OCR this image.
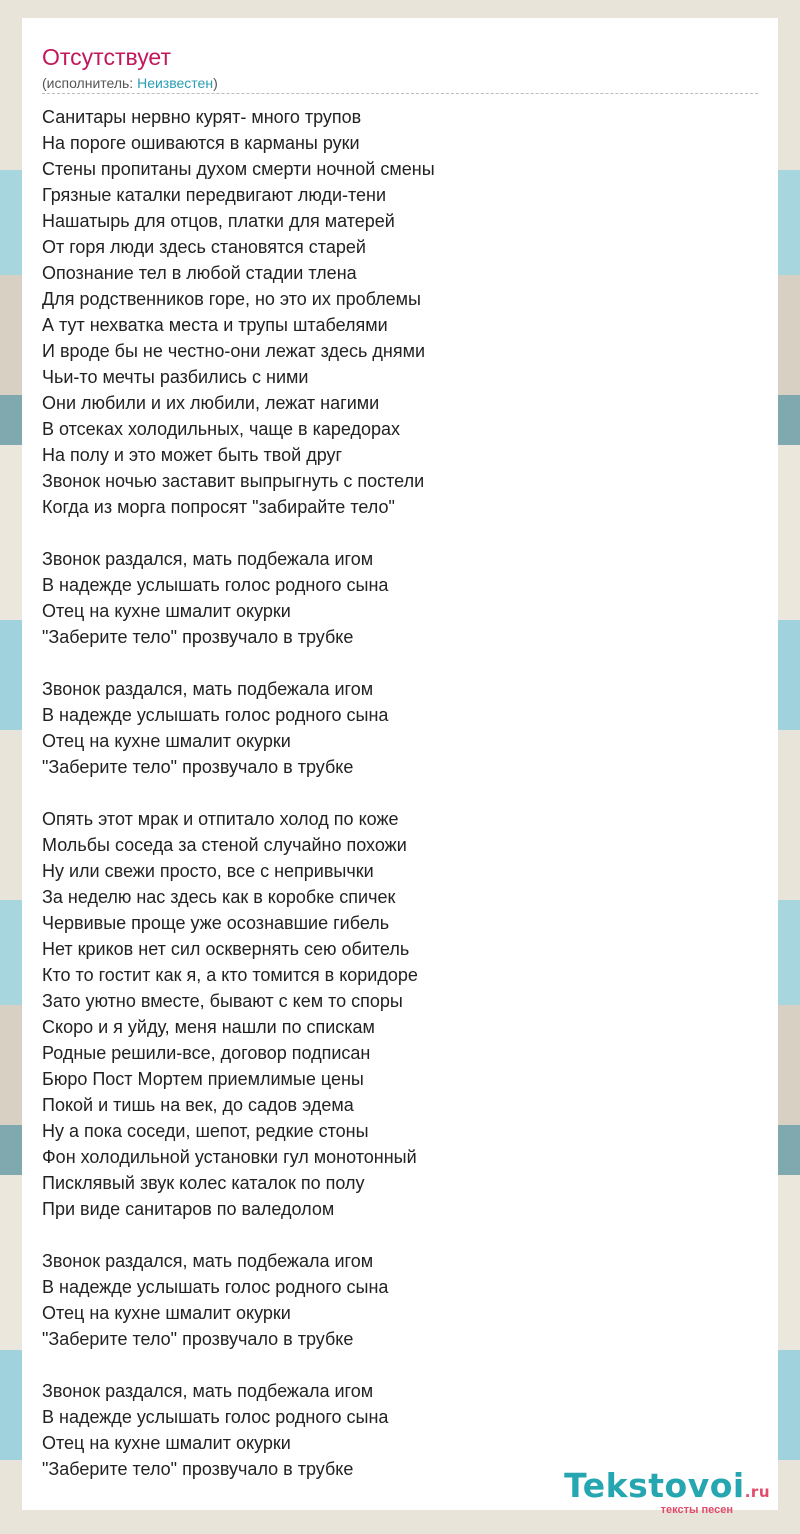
Отсутствует
(исполнитель: Неизвестен)
Санитары нервно курят- много трупов
На пороге ошиваются в карманы руки
Стены пропитаны духом смерти ночной смены
Грязные каталки передвигают люди-тени
Нашатырь для отцов, платки для матерей
От горя люди здесь становятся старей
Опознание тел в любой стадии тлена
Для родственников горе, но это их проблемы
А тут нехватка места и трупы штабелями
И вроде бы не честно-они лежат здесь днями
Чьи-то мечты разбились с ними
Они любили и их любили, лежат нагими
В отсеках холодильных, чаще в каредорах
На полу и это может быть твой друг
Звонок ночью заставит выпрыгнуть с постели
Когда из морга попросят "забирайте тело"
Звонок раздался, мать подбежала игом
В надежде услышать голос родного сына
Отец на кухне шмалит окурки
"Заберите тело" прозвучало в трубке
Звонок раздался, мать подбежала игом
В надежде услышать голос родного сына
Отец на кухне шмалит окурки
"Заберите тело" прозвучало в трубке
Опять этот мрак и отпитало холод по коже
Мольбы соседа за стеной случайно похожи
Ну или свежи просто, все с непривычки
За неделю нас здесь как в коробке спичек
Червивые проще уже осознавшие гибель
Нет криков нет сил осквернять сею обитель
Кто то гостит как я, а кто томится в коридоре
Зато уютно вместе, бывают с кем то споры
Скоро и я уйду, меня нашли по спискам
Родные решили-все, договор подписан
Бюро Пост Мортем приемлимые цены
Покой и тишь на век, до садов эдема
Ну а пока соседи, шепот, редкие стоны
Фон холодильной установки гул монотонный
Писклявый звук колес каталок по полу
При виде санитаров по валедолом
Звонок раздался, мать подбежала игом
В надежде услышать голос родного сына
Отец на кухне шмалит окурки
"Заберите тело" прозвучало в трубке
Звонок раздался, мать подбежала игом
В надежде услышать голос родного сына
Отец на кухне шмалит окурки
"Заберите тело" прозвучало в трубке	Tekstovoi.ru
тексты песен
